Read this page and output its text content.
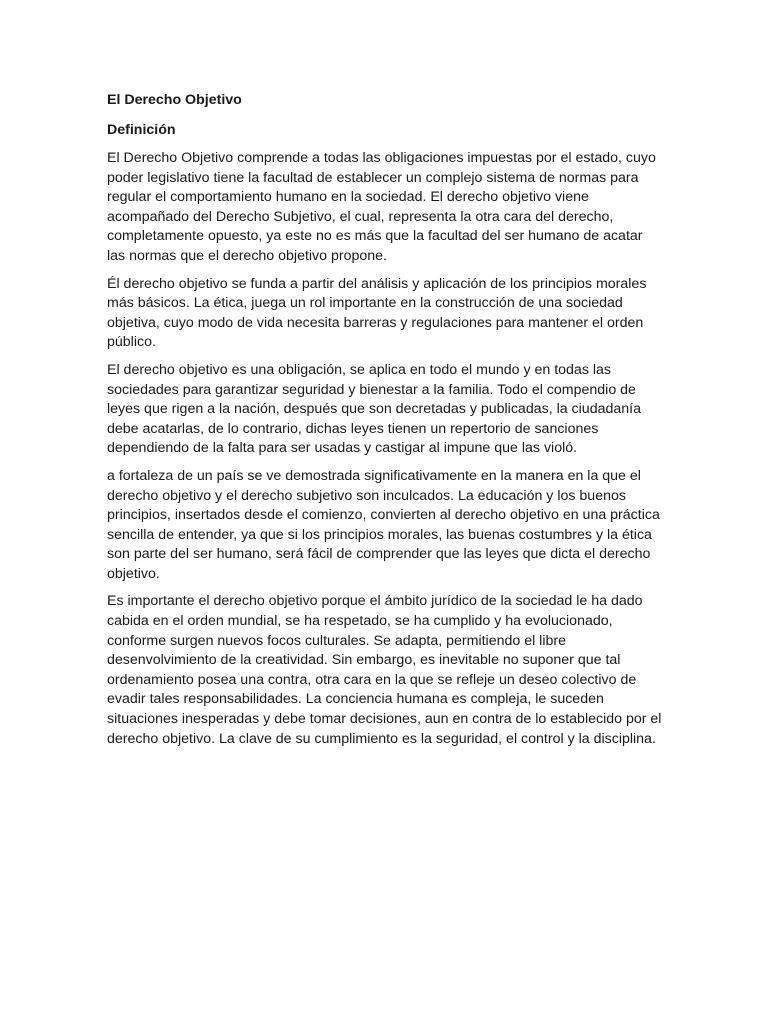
El Derecho Objetivo
Definición

El Derecho Objetivo comprende a todas las obligaciones impuestas por el estado, cuyo poder legislativo tiene la facultad de establecer un complejo sistema de normas para regular el comportamiento humano en la sociedad. El derecho objetivo viene acompañado del Derecho Subjetivo, el cual, representa la otra cara del derecho, completamente opuesto, ya este no es más que la facultad del ser humano de acatar las normas que el derecho objetivo propone.

Él derecho objetivo se funda a partir del análisis y aplicación de los principios morales más básicos. La ética, juega un rol importante en la construcción de una sociedad objetiva, cuyo modo de vida necesita barreras y regulaciones para mantener el orden público.

El derecho objetivo es una obligación, se aplica en todo el mundo y en todas las sociedades para garantizar seguridad y bienestar a la familia. Todo el compendio de leyes que rigen a la nación, después que son decretadas y publicadas, la ciudadanía debe acatarlas, de lo contrario, dichas leyes tienen un repertorio de sanciones dependiendo de la falta para ser usadas y castigar al impune que las violó.

a fortaleza de un país se ve demostrada significativamente en la manera en la que el derecho objetivo y el derecho subjetivo son inculcados. La educación y los buenos principios, insertados desde el comienzo, convierten al derecho objetivo en una práctica sencilla de entender, ya que si los principios morales, las buenas costumbres y la ética son parte del ser humano, será fácil de comprender que las leyes que dicta el derecho objetivo.

Es importante el derecho objetivo porque el ámbito jurídico de la sociedad le ha dado cabida en el orden mundial, se ha respetado, se ha cumplido y ha evolucionado, conforme surgen nuevos focos culturales. Se adapta, permitiendo el libre desenvolvimiento de la creatividad. Sin embargo, es inevitable no suponer que tal ordenamiento posea una contra, otra cara en la que se refleje un deseo colectivo de evadir tales responsabilidades. La conciencia humana es compleja, le suceden situaciones inesperadas y debe tomar decisiones, aun en contra de lo establecido por el derecho objetivo. La clave de su cumplimiento es la seguridad, el control y la disciplina.
